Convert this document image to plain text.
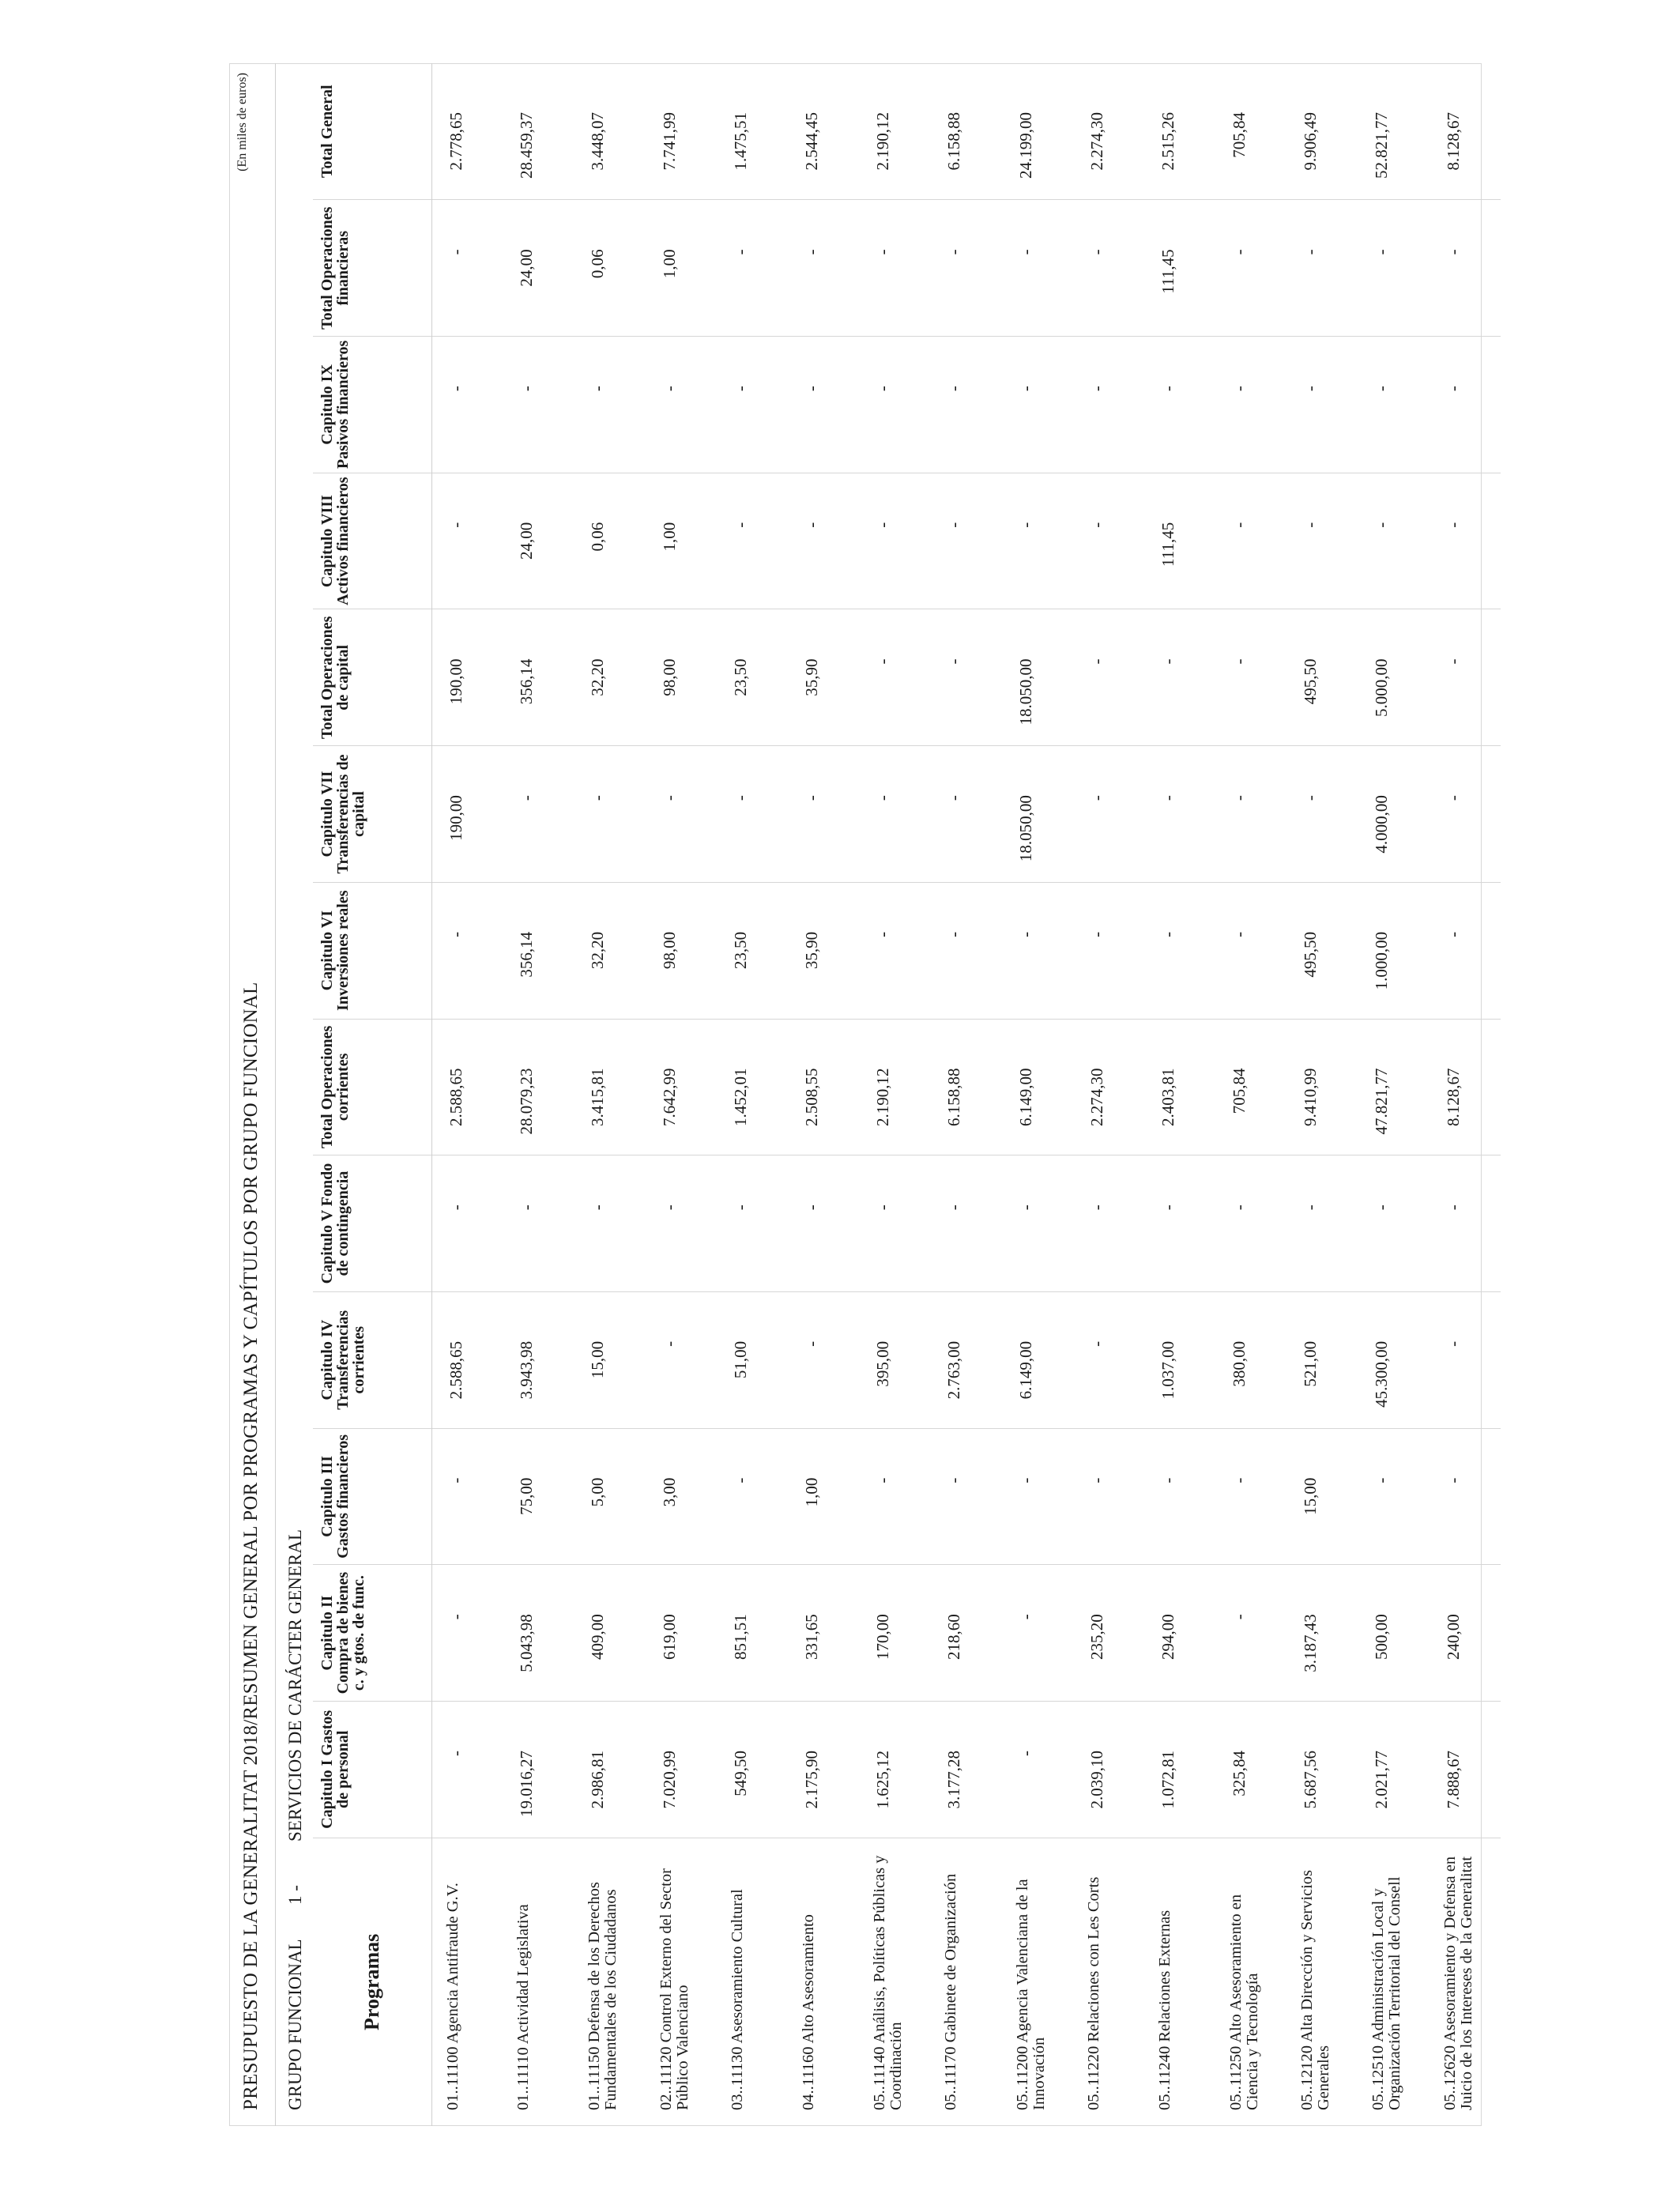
PRESUPUESTO DE LA GENERALITAT 2018/RESUMEN GENERAL POR PROGRAMAS Y CAPÍTULOS POR GRUPO FUNCIONAL
(En miles de euros)
GRUPO FUNCIONAL
1 -
SERVICIOS DE CARÁCTER GENERAL
Programas	Capitulo I Gastos de personal	Capitulo II Compra de bienes c. y gtos. de func.	Capitulo III Gastos financieros	Capitulo IV Transferencias corrientes	Capitulo V Fondo de contingencia	Total Operaciones corrientes	Capitulo VI Inversiones reales	Capitulo VII Transferencias de capital	Total Operaciones de capital	Capitulo VIII Activos financieros	Capitulo IX Pasivos financieros	Total Operaciones financieras	Total General
01..11100 Agencia Antifraude G.V.	-	-	-	2.588,65	-	2.588,65	-	190,00	190,00	-	-	-	2.778,65
01..11110 Actividad Legislativa	19.016,27	5.043,98	75,00	3.943,98	-	28.079,23	356,14	-	356,14	24,00	-	24,00	28.459,37
01..11150 Defensa de los Derechos Fundamentales de los Ciudadanos	2.986,81	409,00	5,00	15,00	-	3.415,81	32,20	-	32,20	0,06	-	0,06	3.448,07
02..11120 Control Externo del Sector Público Valenciano	7.020,99	619,00	3,00	-	-	7.642,99	98,00	-	98,00	1,00	-	1,00	7.741,99
03..11130 Asesoramiento Cultural	549,50	851,51	-	51,00	-	1.452,01	23,50	-	23,50	-	-	-	1.475,51
04..11160 Alto Asesoramiento	2.175,90	331,65	1,00	-	-	2.508,55	35,90	-	35,90	-	-	-	2.544,45
05..11140 Análisis, Políticas Públicas y Coordinación	1.625,12	170,00	-	395,00	-	2.190,12	-	-	-	-	-	-	2.190,12
05..11170 Gabinete de Organización	3.177,28	218,60	-	2.763,00	-	6.158,88	-	-	-	-	-	-	6.158,88
05..11200 Agencia Valenciana de la Innovación	-	-	-	6.149,00	-	6.149,00	-	18.050,00	18.050,00	-	-	-	24.199,00
05..11220 Relaciones con Les Corts	2.039,10	235,20	-	-	-	2.274,30	-	-	-	-	-	-	2.274,30
05..11240 Relaciones Externas	1.072,81	294,00	-	1.037,00	-	2.403,81	-	-	-	111,45	-	111,45	2.515,26
05..11250 Alto Asesoramiento en Ciencia y Tecnología	325,84	-	-	380,00	-	705,84	-	-	-	-	-	-	705,84
05..12120 Alta Dirección y Servicios Generales	5.687,56	3.187,43	15,00	521,00	-	9.410,99	495,50	-	495,50	-	-	-	9.906,49
05..12510 Administración Local y Organización Territorial del Consell	2.021,77	500,00	-	45.300,00	-	47.821,77	1.000,00	4.000,00	5.000,00	-	-	-	52.821,77
05..12620 Asesoramiento y Defensa en Juicio de los Intereses de la Generalitat	7.888,67	240,00	-	-	-	8.128,67	-	-	-	-	-	-	8.128,67
